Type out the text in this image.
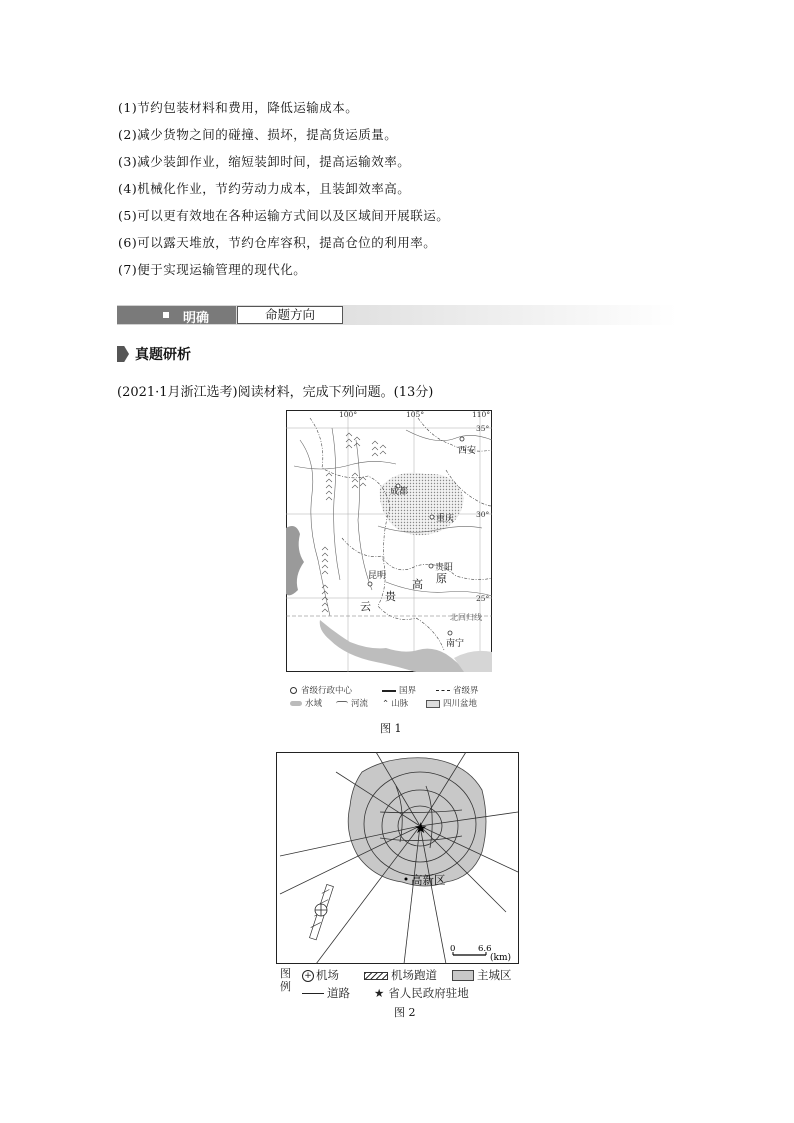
(1)节约包装材料和费用，降低运输成本。
(2)减少货物之间的碰撞、损坏，提高货运质量。
(3)减少装卸作业，缩短装卸时间，提高运输效率。
(4)机械化作业，节约劳动力成本，且装卸效率高。
(5)可以更有效地在各种运输方式间以及区域间开展联运。
(6)可以露天堆放，节约仓库容积，提高仓位的利用率。
(7)便于实现运输管理的现代化。
明确	命题方向
真题研析
(2021·1月浙江选考)阅读材料，完成下列问题。(13分)
西安
成都
重庆
贵阳
昆明
南宁
北回归线
云
贵
高 原
100°	105°	110°
35°
30°
25°
省级行政中心	国界	省级界
水域	河流 ⌃ 山脉	四川盆地
图 1
★
高新区
0	6.6
(km)
图例
+ 机场	机场跑道	主城区
道路 ★ 省人民政府驻地
图 2
